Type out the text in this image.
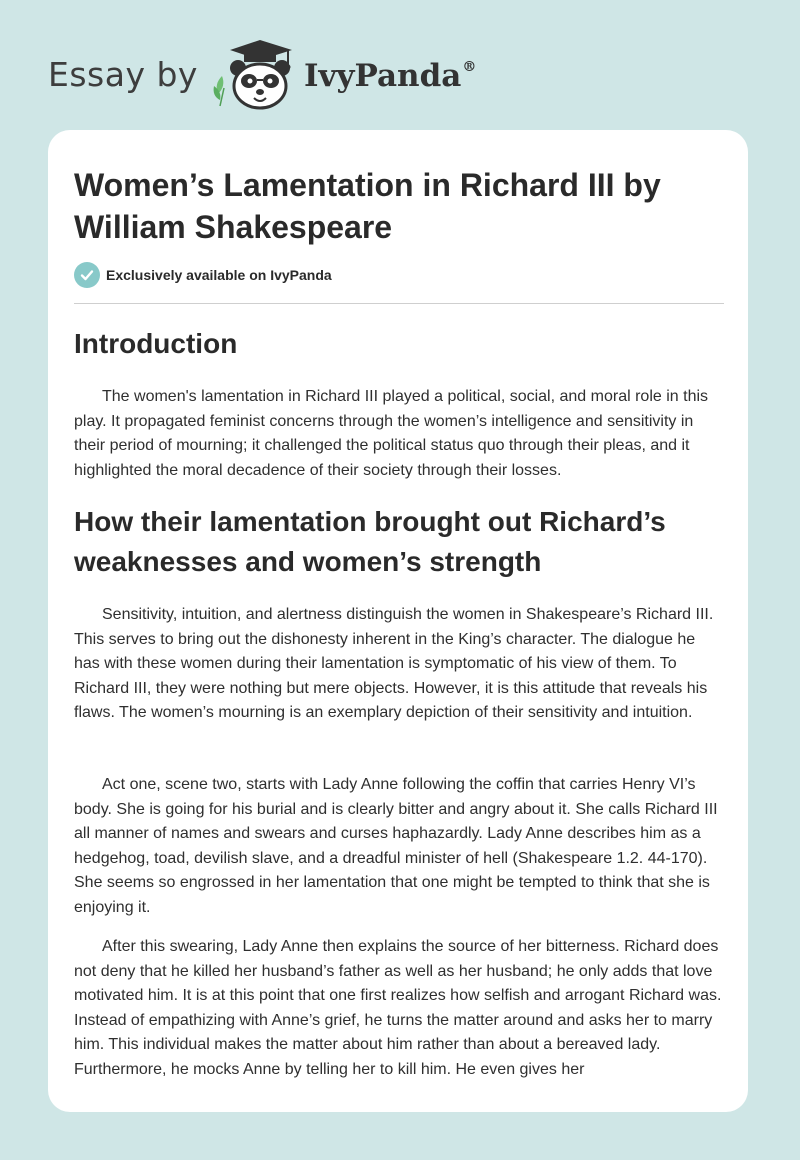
Essay by	IvyPanda®
Women’s Lamentation in Richard III by William Shakespeare
Exclusively available on IvyPanda
Introduction

The women's lamentation in Richard III played a political, social, and moral role in this play. It propagated feminist concerns through the women’s intelligence and sensitivity in their period of mourning; it challenged the political status quo through their pleas, and it highlighted the moral decadence of their society through their losses.

How their lamentation brought out Richard’s weaknesses and women’s strength

Sensitivity, intuition, and alertness distinguish the women in Shakespeare’s Richard III. This serves to bring out the dishonesty inherent in the King’s character. The dialogue he has with these women during their lamentation is symptomatic of his view of them. To Richard III, they were nothing but mere objects. However, it is this attitude that reveals his flaws. The women’s mourning is an exemplary depiction of their sensitivity and intuition.

Act one, scene two, starts with Lady Anne following the coffin that carries Henry VI’s body. She is going for his burial and is clearly bitter and angry about it. She calls Richard III all manner of names and swears and curses haphazardly. Lady Anne describes him as a hedgehog, toad, devilish slave, and a dreadful minister of hell (Shakespeare 1.2. 44-170). She seems so engrossed in her lamentation that one might be tempted to think that she is enjoying it.

After this swearing, Lady Anne then explains the source of her bitterness. Richard does not deny that he killed her husband’s father as well as her husband; he only adds that love motivated him. It is at this point that one first realizes how selfish and arrogant Richard was. Instead of empathizing with Anne’s grief, he turns the matter around and asks her to marry him. This individual makes the matter about him rather than about a bereaved lady. Furthermore, he mocks Anne by telling her to kill him. He even gives her
